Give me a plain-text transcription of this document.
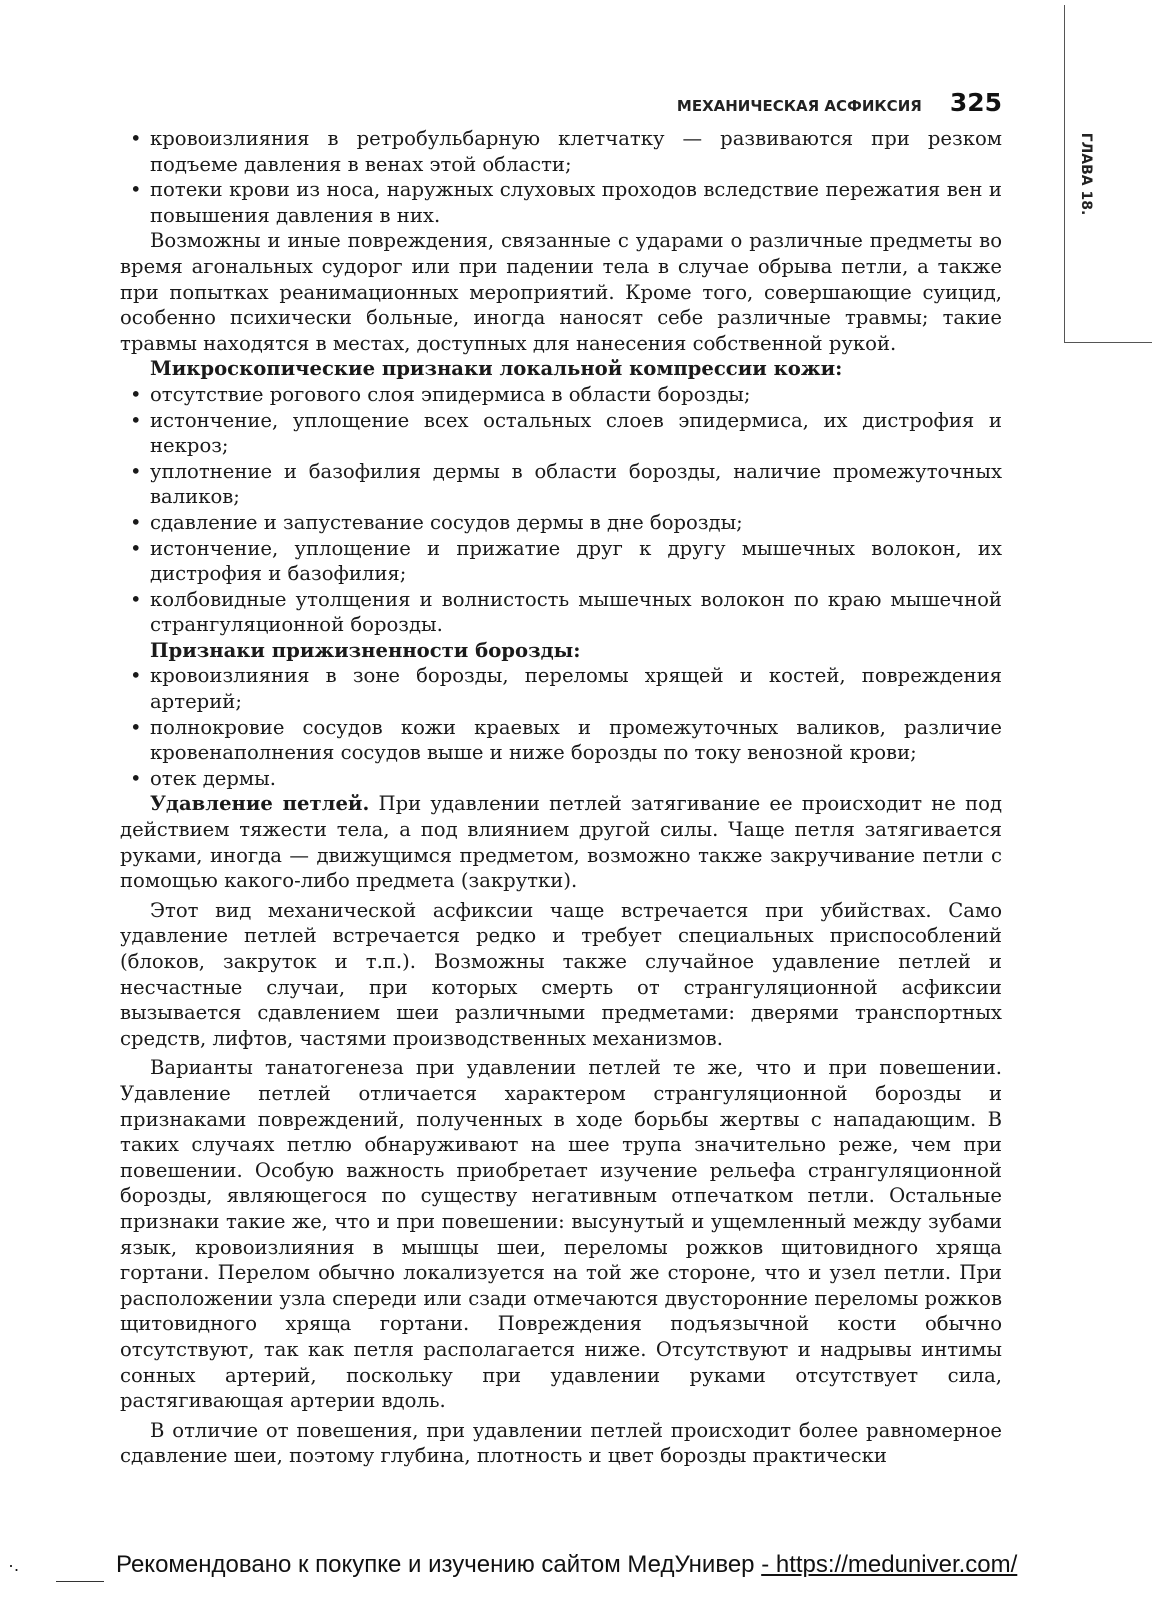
МЕХАНИЧЕСКАЯ АСФИКСИЯ 325
ГЛАВА 18.
• кровоизлияния в ретробульбарную клетчатку — развиваются при резком подъеме давления в венах этой области;
• потеки крови из носа, наружных слуховых проходов вследствие пережатия вен и повышения давления в них.

Возможны и иные повреждения, связанные с ударами о различные предметы во время агональных судорог или при падении тела в случае обрыва петли, а также при попытках реанимационных мероприятий. Кроме того, совершающие суицид, особенно психически больные, иногда наносят себе различные травмы; такие травмы находятся в местах, доступных для нанесения собственной рукой.

Микроскопические признаки локальной компрессии кожи:

• отсутствие рогового слоя эпидермиса в области борозды;
• истончение, уплощение всех остальных слоев эпидермиса, их дистрофия и некроз;
• уплотнение и базофилия дермы в области борозды, наличие промежуточных валиков;
• сдавление и запустевание сосудов дермы в дне борозды;
• истончение, уплощение и прижатие друг к другу мышечных волокон, их дистрофия и базофилия;
• колбовидные утолщения и волнистость мышечных волокон по краю мышечной странгуляционной борозды.

Признаки прижизненности борозды:

• кровоизлияния в зоне борозды, переломы хрящей и костей, повреждения артерий;
• полнокровие сосудов кожи краевых и промежуточных валиков, различие кровенаполнения сосудов выше и ниже борозды по току венозной крови;
• отек дермы.

Удавление петлей. При удавлении петлей затягивание ее происходит не под действием тяжести тела, а под влиянием другой силы. Чаще петля затягивается руками, иногда — движущимся предметом, возможно также закручивание петли с помощью какого-либо предмета (закрутки).

Этот вид механической асфиксии чаще встречается при убийствах. Само удавление петлей встречается редко и требует специальных приспособлений (блоков, закруток и т.п.). Возможны также случайное удавление петлей и несчастные случаи, при которых смерть от странгуляционной асфиксии вызывается сдавлением шеи различными предметами: дверями транспортных средств, лифтов, частями производственных механизмов.

Варианты танатогенеза при удавлении петлей те же, что и при повешении. Удавление петлей отличается характером странгуляционной борозды и признаками повреждений, полученных в ходе борьбы жертвы с нападающим. В таких случаях петлю обнаруживают на шее трупа значительно реже, чем при повешении. Особую важность приобретает изучение рельефа странгуляционной борозды, являющегося по существу негативным отпечатком петли. Остальные признаки такие же, что и при повешении: высунутый и ущемленный между зубами язык, кровоизлияния в мышцы шеи, переломы рожков щитовидного хряща гортани. Перелом обычно локализуется на той же стороне, что и узел петли. При расположении узла спереди или сзади отмечаются двусторонние переломы рожков щитовидного хряща гортани. Повреждения подъязычной кости обычно отсутствуют, так как петля располагается ниже. Отсутствуют и надрывы интимы сонных артерий, поскольку при удавлении руками отсутствует сила, растягивающая артерии вдоль.

В отличие от повешения, при удавлении петлей происходит более равномерное сдавление шеи, поэтому глубина, плотность и цвет борозды практически

·.	Рекомендовано к покупке и изучению сайтом МедУнивер - https://meduniver.com/
